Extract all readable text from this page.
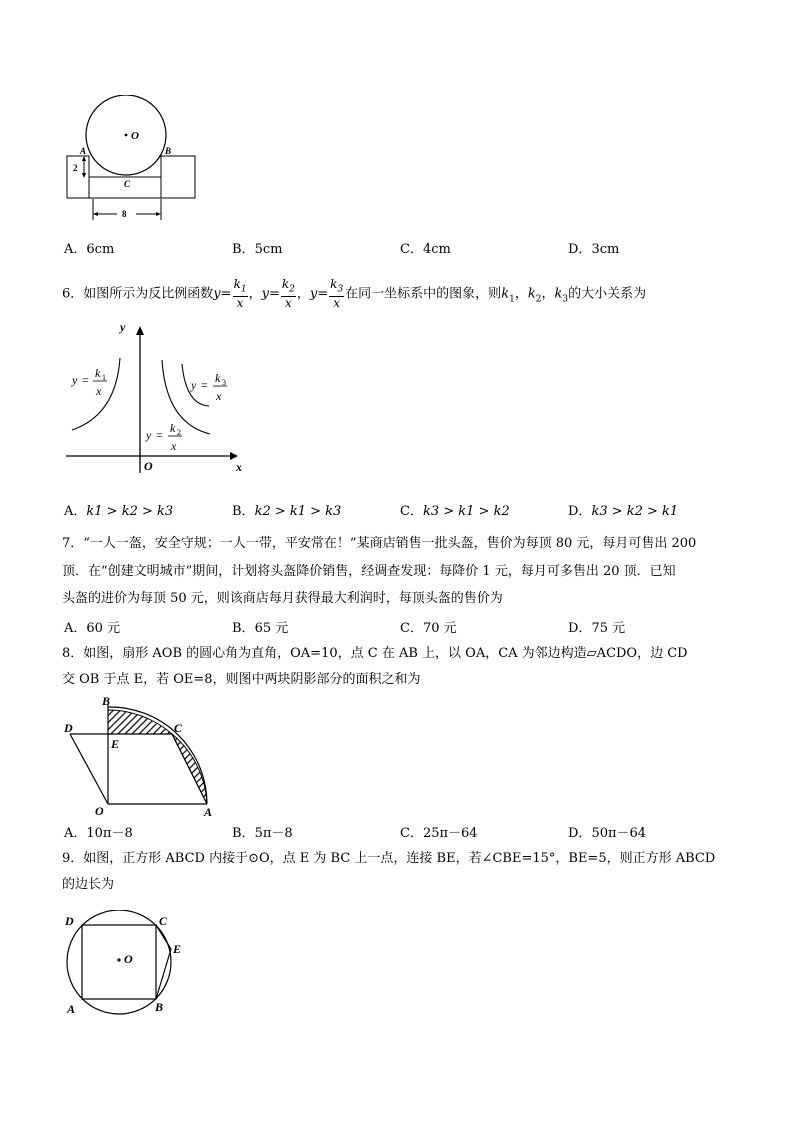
O
A	B
C
2
8
A．6cm	B．5cm	C．4cm	D．3cm
6．如图所示为反比例函数$y= \frac{k_1}{x}$ ，$y= \frac{k_2}{x}$ ，$y= \frac{k_3}{x}$ 在同一坐标系中的图象，则$k_1$，$k_2$，$k_3$的大小关系为
y
x
O
y = k 1
x	y = k 3
x
y = k 2
x
A．k1 > k2 > k3	B．k2 > k1 > k3	C．k3 > k1 > k2	D．k3 > k2 > k1
7．“一人一盔，安全守规；一人一带，平安常在！”某商店销售一批头盔，售价为每顶 80 元，每月可售出 200
顶．在“创建文明城市”期间，计划将头盔降价销售，经调查发现：每降价 1 元，每月可多售出 20 顶．已知
头盔的进价为每顶 50 元，则该商店每月获得最大利润时，每顶头盔的售价为
A．60 元	B．65 元	C．70 元	D．75 元
8．如图，扇形 AOB 的圆心角为直角，OA=10，点 C 在 AB 上，以 OA，CA 为邻边构造▱ACDO，边 CD
交 OB 于点 E，若 OE=8，则图中两块阴影部分的面积之和为
B
C
D
E
O	A
A．10π－8	B．5π－8	C．25π－64	D．50π－64
9．如图，正方形 ABCD 内接于⊙O，点 E 为 BC 上一点，连接 BE，若∠CBE=15°，BE=5，则正方形 ABCD
的边长为
O
D	C
E
A	B
